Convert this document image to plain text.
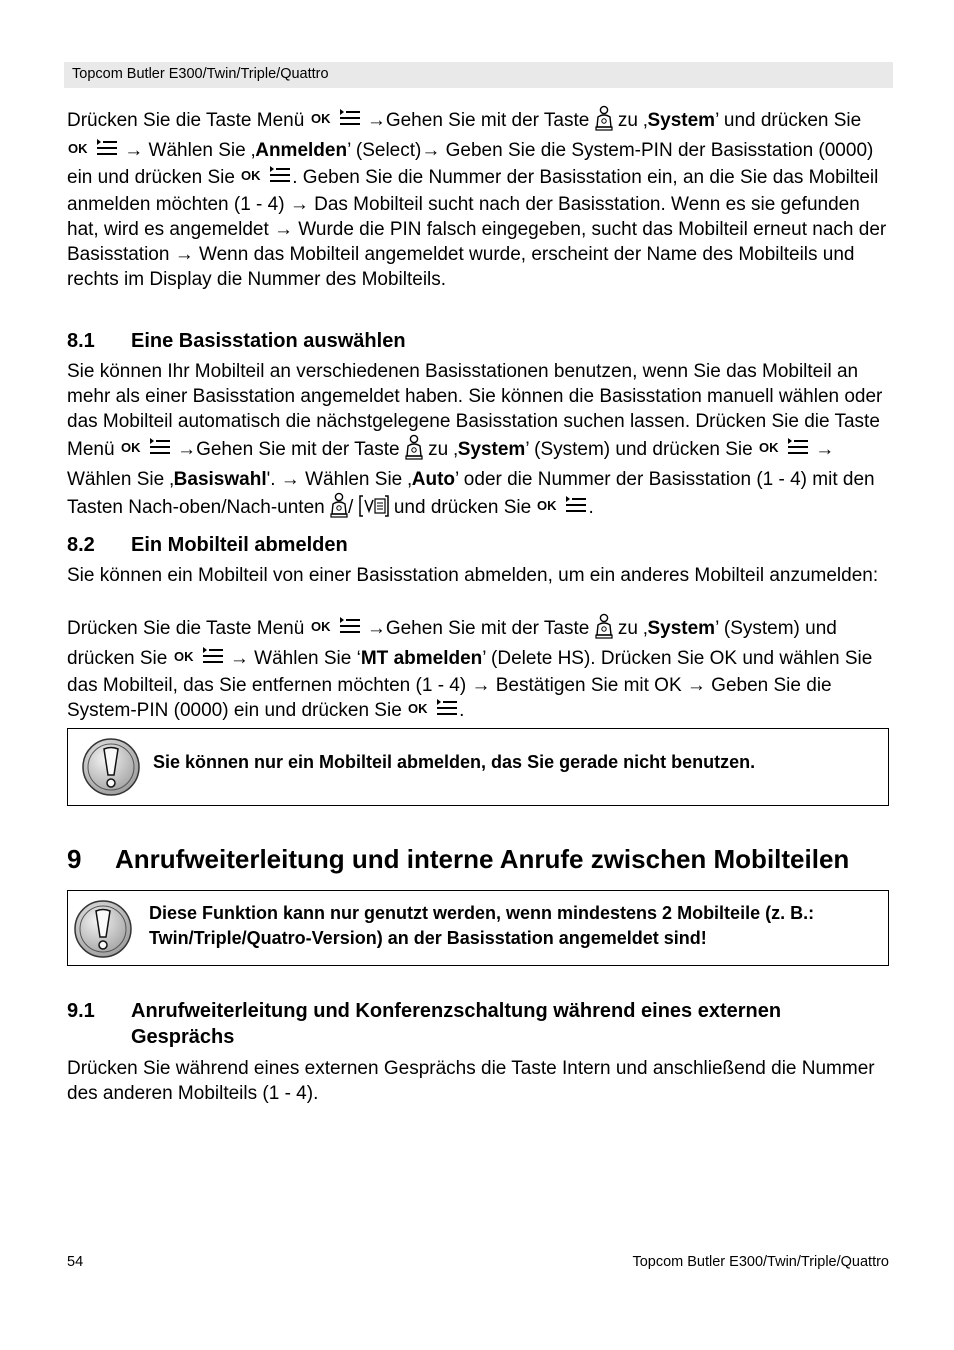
Topcom Butler E300/Twin/Triple/Quattro

Drücken Sie die Taste Menü OK →Gehen Sie mit der Taste  zu ‚System’ und drücken Sie
OK → Wählen Sie ‚Anmelden’ (Select)→ Geben Sie die System-PIN der Basisstation (0000) ein und drücken Sie OK . Geben Sie die Nummer der Basisstation ein, an die Sie das Mobilteil anmelden möchten (1 - 4) → Das Mobilteil sucht nach der Basisstation. Wenn es sie gefunden hat, wird es angemeldet → Wurde die PIN falsch eingegeben, sucht das Mobilteil erneut nach der Basisstation → Wenn das Mobilteil angemeldet wurde, erscheint der Name des Mobilteils und rechts im Display die Nummer des Mobilteils.

8.1 Eine Basisstation auswählen

Sie können Ihr Mobilteil an verschiedenen Basisstationen benutzen, wenn Sie das Mobilteil an mehr als einer Basisstation angemeldet haben. Sie können die Basisstation manuell wählen oder das Mobilteil automatisch die nächstgelegene Basisstation suchen lassen. Drücken Sie die Taste Menü OK →Gehen Sie mit der Taste  zu ‚System’ (System) und drücken Sie OK → Wählen Sie ‚Basiswahl'. → Wählen Sie ‚Auto’ oder die Nummer der Basisstation (1 - 4) mit den Tasten Nach-oben/Nach-unten /  und drücken Sie OK .

8.2 Ein Mobilteil abmelden

Sie können ein Mobilteil von einer Basisstation abmelden, um ein anderes Mobilteil anzumelden:

Drücken Sie die Taste Menü OK →Gehen Sie mit der Taste  zu ‚System’ (System) und drücken Sie OK → Wählen Sie ‘MT abmelden’ (Delete HS). Drücken Sie OK und wählen Sie das Mobilteil, das Sie entfernen möchten (1 - 4) → Bestätigen Sie mit OK → Geben Sie die System-PIN (0000) ein und drücken Sie OK .

Sie können nur ein Mobilteil abmelden, das Sie gerade nicht benutzen.
9 Anrufweiterleitung und interne Anrufe zwischen Mobilteilen
Diese Funktion kann nur genutzt werden, wenn mindestens 2 Mobilteile (z. B.: Twin/Triple/Quatro-Version) an der Basisstation angemeldet sind!
9.1	Anrufweiterleitung und Konferenzschaltung während eines externen Gesprächs

Drücken Sie während eines externen Gesprächs die Taste Intern und anschließend die Nummer des anderen Mobilteils (1 - 4).

54	Topcom Butler E300/Twin/Triple/Quattro
